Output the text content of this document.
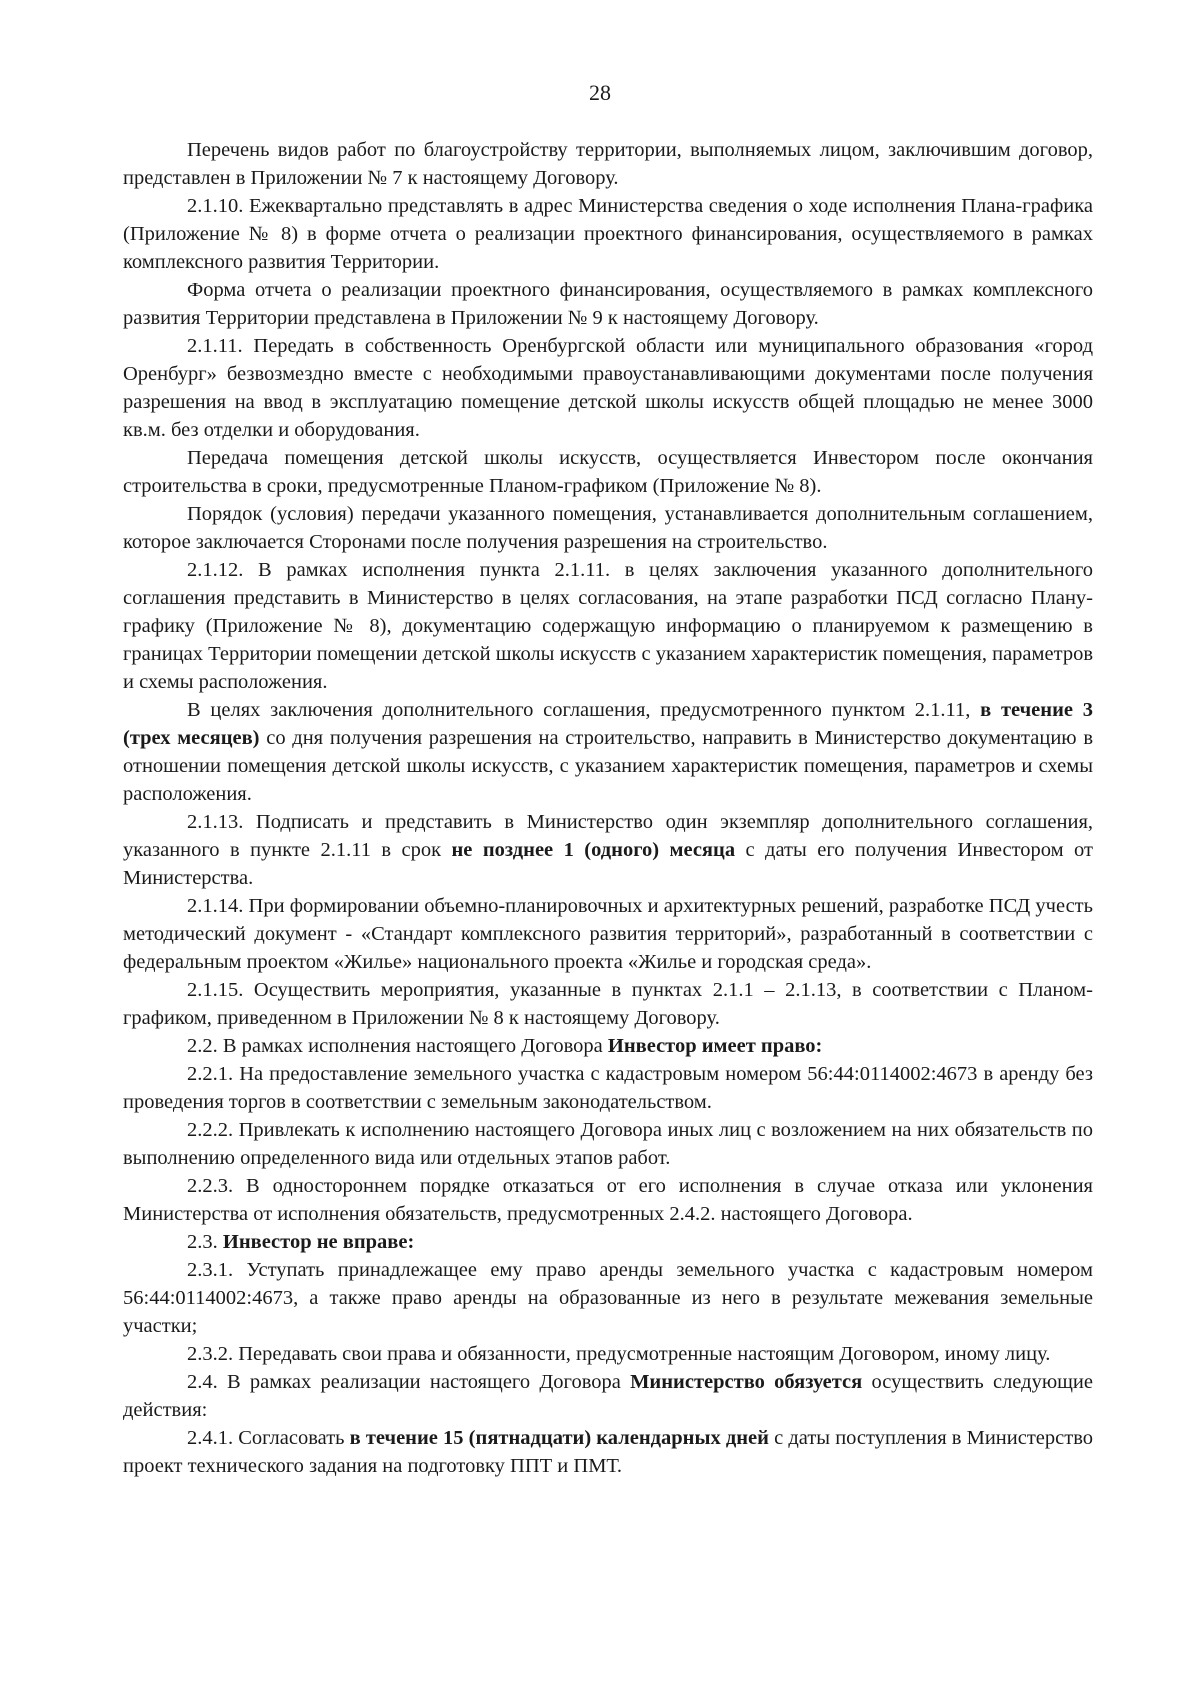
28

Перечень видов работ по благоустройству территории, выполняемых лицом, заключившим договор, представлен в Приложении № 7 к настоящему Договору.

2.1.10. Ежеквартально представлять в адрес Министерства сведения о ходе исполнения Плана-графика (Приложение № 8) в форме отчета о реализации проектного финансирования, осуществляемого в рамках комплексного развития Территории.

Форма отчета о реализации проектного финансирования, осуществляемого в рамках комплексного развития Территории представлена в Приложении № 9 к настоящему Договору.

2.1.11. Передать в собственность Оренбургской области или муниципального образования «город Оренбург» безвозмездно вместе с необходимыми правоустанавливающими документами после получения разрешения на ввод в эксплуатацию помещение детской школы искусств общей площадью не менее 3000 кв.м. без отделки и оборудования.

Передача помещения детской школы искусств, осуществляется Инвестором после окончания строительства в сроки, предусмотренные Планом-графиком (Приложение № 8).

Порядок (условия) передачи указанного помещения, устанавливается дополнительным соглашением, которое заключается Сторонами после получения разрешения на строительство.

2.1.12. В рамках исполнения пункта 2.1.11. в целях заключения указанного дополнительного соглашения представить в Министерство в целях согласования, на этапе разработки ПСД согласно Плану-графику (Приложение № 8), документацию содержащую информацию о планируемом к размещению в границах Территории помещении детской школы искусств с указанием характеристик помещения, параметров и схемы расположения.

В целях заключения дополнительного соглашения, предусмотренного пунктом 2.1.11, в течение 3 (трех месяцев) со дня получения разрешения на строительство, направить в Министерство документацию в отношении помещения детской школы искусств, с указанием характеристик помещения, параметров и схемы расположения.

2.1.13. Подписать и представить в Министерство один экземпляр дополнительного соглашения, указанного в пункте 2.1.11 в срок не позднее 1 (одного) месяца с даты его получения Инвестором от Министерства.

2.1.14. При формировании объемно-планировочных и архитектурных решений, разработке ПСД учесть методический документ - «Стандарт комплексного развития территорий», разработанный в соответствии с федеральным проектом «Жилье» национального проекта «Жилье и городская среда».

2.1.15. Осуществить мероприятия, указанные в пунктах 2.1.1 – 2.1.13, в соответствии с Планом-графиком, приведенном в Приложении № 8 к настоящему Договору.

2.2. В рамках исполнения настоящего Договора Инвестор имеет право:

2.2.1. На предоставление земельного участка с кадастровым номером 56:44:0114002:4673 в аренду без проведения торгов в соответствии с земельным законодательством.

2.2.2. Привлекать к исполнению настоящего Договора иных лиц с возложением на них обязательств по выполнению определенного вида или отдельных этапов работ.

2.2.3. В одностороннем порядке отказаться от его исполнения в случае отказа или уклонения Министерства от исполнения обязательств, предусмотренных 2.4.2. настоящего Договора.

2.3. Инвестор не вправе:

2.3.1. Уступать принадлежащее ему право аренды земельного участка с кадастровым номером 56:44:0114002:4673, а также право аренды на образованные из него в результате межевания земельные участки;

2.3.2. Передавать свои права и обязанности, предусмотренные настоящим Договором, иному лицу.

2.4. В рамках реализации настоящего Договора Министерство обязуется осуществить следующие действия:

2.4.1. Согласовать в течение 15 (пятнадцати) календарных дней с даты поступления в Министерство проект технического задания на подготовку ППТ и ПМТ.
